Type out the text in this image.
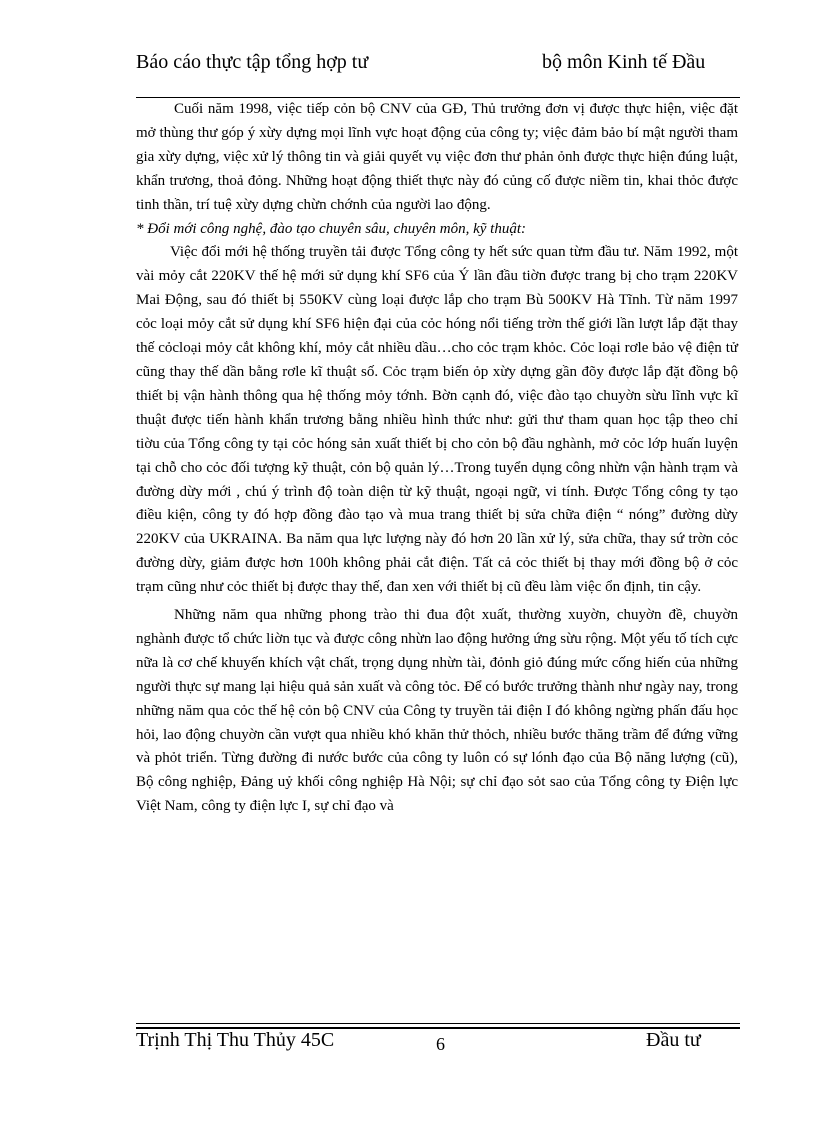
Báo cáo thực tập tổng hợp tư	bộ môn Kinh tế Đầu

Cuối năm 1998, việc tiếp cỏn bộ CNV của GĐ, Thủ trưởng đơn vị được thực hiện, việc đặt mở thùng thư góp ý xừy dựng mọi lĩnh vực hoạt động của công ty; việc đảm bảo bí mật người tham gia xừy dựng, việc xử lý thông tin và giải quyết vụ việc đơn thư phản ỏnh được thực hiện đúng luật, khẩn trương, thoả đỏng. Những hoạt động thiết thực này đó củng cố được niềm tin, khai thỏc được tinh thần, trí tuệ xừy dựng chừn chớnh của người lao động.

* Đổi mới công nghệ, đào tạo chuyên sâu, chuyên môn, kỹ thuật:

Việc đổi mới hệ thống truyền tải được Tổng công ty hết sức quan từm đầu tư. Năm 1992, một vài mỏy cắt 220KV thế hệ mới sử dụng khí SF6 của Ý lần đầu tiờn được trang bị cho trạm 220KV Mai Động, sau đó thiết bị 550KV cùng loại được lắp cho trạm Bù 500KV Hà Tĩnh. Từ năm 1997 cỏc loại mỏy cắt sử dụng khí SF6 hiện đại của cỏc hóng nổi tiếng trờn thế giới lần lượt lắp đặt thay thế cỏcloại mỏy cắt không khí, mỏy cắt nhiều dầu…cho cỏc trạm khỏc. Cỏc loại rơle bảo vệ điện tử cũng thay thế dần bằng rơle kĩ thuật số. Cỏc trạm biến ỏp xừy dựng gần đõy được lắp đặt đồng bộ thiết bị vận hành thông qua hệ thống mỏy tớnh. Bờn cạnh đó, việc đào tạo chuyờn sừu lĩnh vực kĩ thuật được tiến hành khẩn trương bằng nhiều hình thức như: gửi thư tham quan học tập theo chỉ tiờu của Tổng công ty tại cỏc hóng sản xuất thiết bị cho cỏn bộ đầu nghành, mở cỏc lớp huấn luyện tại chỗ cho cỏc đối tượng kỹ thuật, cỏn bộ quản lý…Trong tuyển dụng công nhừn vận hành trạm và đường dừy mới , chú ý trình độ toàn diện từ kỹ thuật, ngoại ngữ, vi tính. Được Tổng công ty tạo điều kiện, công ty đó hợp đồng đào tạo và mua trang thiết bị sửa chữa điện “ nóng” đường dừy 220KV của UKRAINA. Ba năm qua lực lượng này đó hơn 20 lần xử lý, sửa chữa, thay sứ trờn cỏc đường dừy, giảm được hơn 100h không phải cắt điện. Tất cả cỏc thiết bị thay mới đồng bộ ở cỏc trạm cũng như cỏc thiết bị được thay thế, đan xen với thiết bị cũ đều làm việc ổn định, tin cậy.

Những năm qua những phong trào thi đua đột xuất, thường xuyờn, chuyờn đề, chuyờn nghành được tổ chức liờn tục và được công nhừn lao động hưởng ứng sừu rộng. Một yếu tố tích cực nữa là cơ chế khuyến khích vật chất, trọng dụng nhừn tài, đỏnh giỏ đúng mức cống hiến của những người thực sự mang lại hiệu quả sản xuất và công tỏc. Để có bước trưởng thành như ngày nay, trong những năm qua cỏc thế hệ cỏn bộ CNV của Công ty truyền tải điện I đó không ngừng phấn đấu học hỏi, lao động chuyờn cần vượt qua nhiều khó khăn thử thỏch, nhiều bước thăng trầm để đứng vững và phỏt triển. Từng đường đi nước bước của công ty luôn có sự lónh đạo của Bộ năng lượng (cũ), Bộ công nghiệp, Đảng uỷ khối công nghiệp Hà Nội; sự chỉ đạo sỏt sao của Tổng công ty Điện lực Việt Nam, công ty điện lực I, sự chỉ đạo và

Trịnh Thị Thu Thủy 45C	6	Đầu tư
